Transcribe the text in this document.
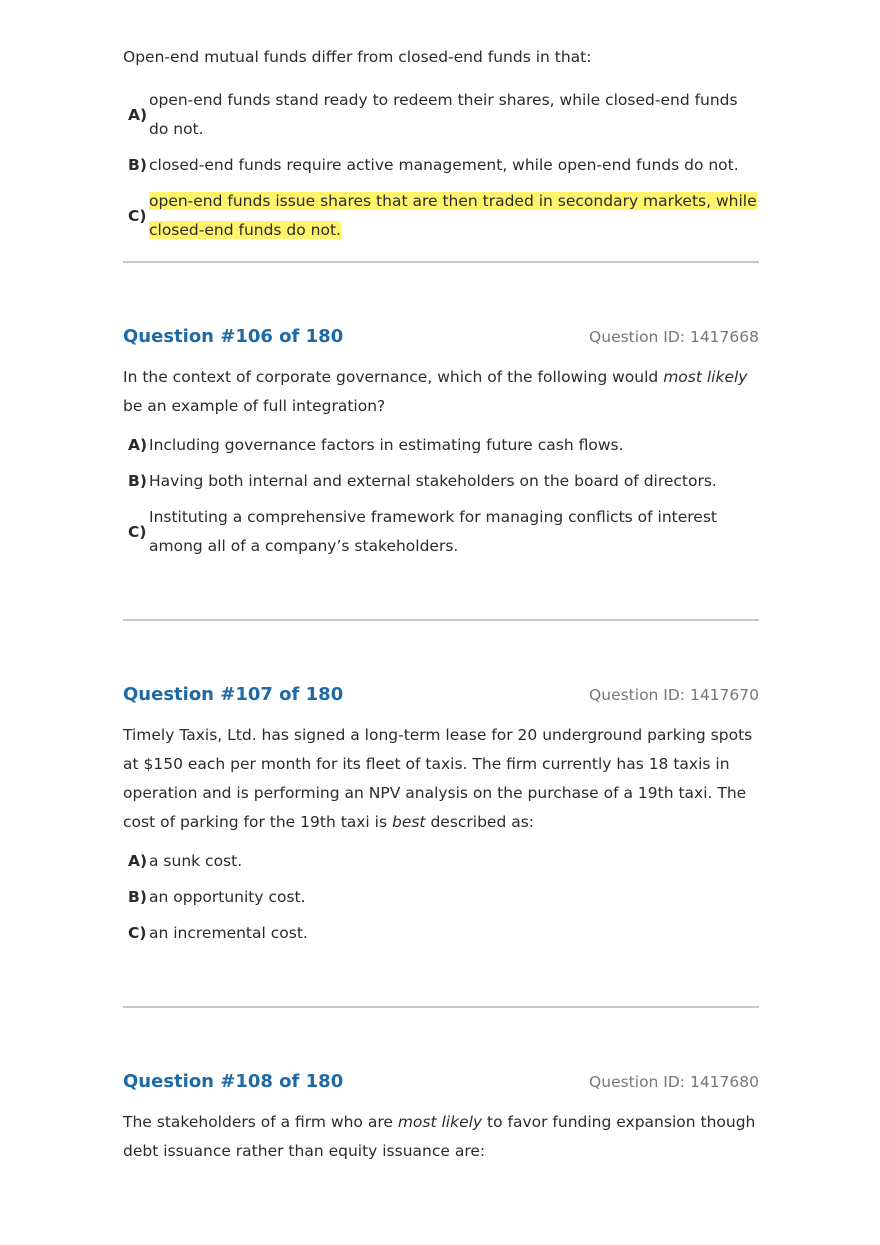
Open-end mutual funds differ from closed-end funds in that:

A)
open-end funds stand ready to redeem their shares, while closed-end funds do not.
B) closed-end funds require active management, while open-end funds do not.
C)
open-end funds issue shares that are then traded in secondary markets, while closed-end funds do not.
Question #106 of 180	Question ID: 1417668

In the context of corporate governance, which of the following would most likely be an example of full integration?

A) Including governance factors in estimating future cash flows.
B) Having both internal and external stakeholders on the board of directors.
C)
Instituting a comprehensive framework for managing conflicts of interest among all of a company’s stakeholders.
Question #107 of 180	Question ID: 1417670

Timely Taxis, Ltd. has signed a long-term lease for 20 underground parking spots at $150 each per month for its fleet of taxis. The firm currently has 18 taxis in operation and is performing an NPV analysis on the purchase of a 19th taxi. The cost of parking for the 19th taxi is best described as:

A) a sunk cost.
B) an opportunity cost.
C) an incremental cost.
Question #108 of 180	Question ID: 1417680

The stakeholders of a firm who are most likely to favor funding expansion though debt issuance rather than equity issuance are:
